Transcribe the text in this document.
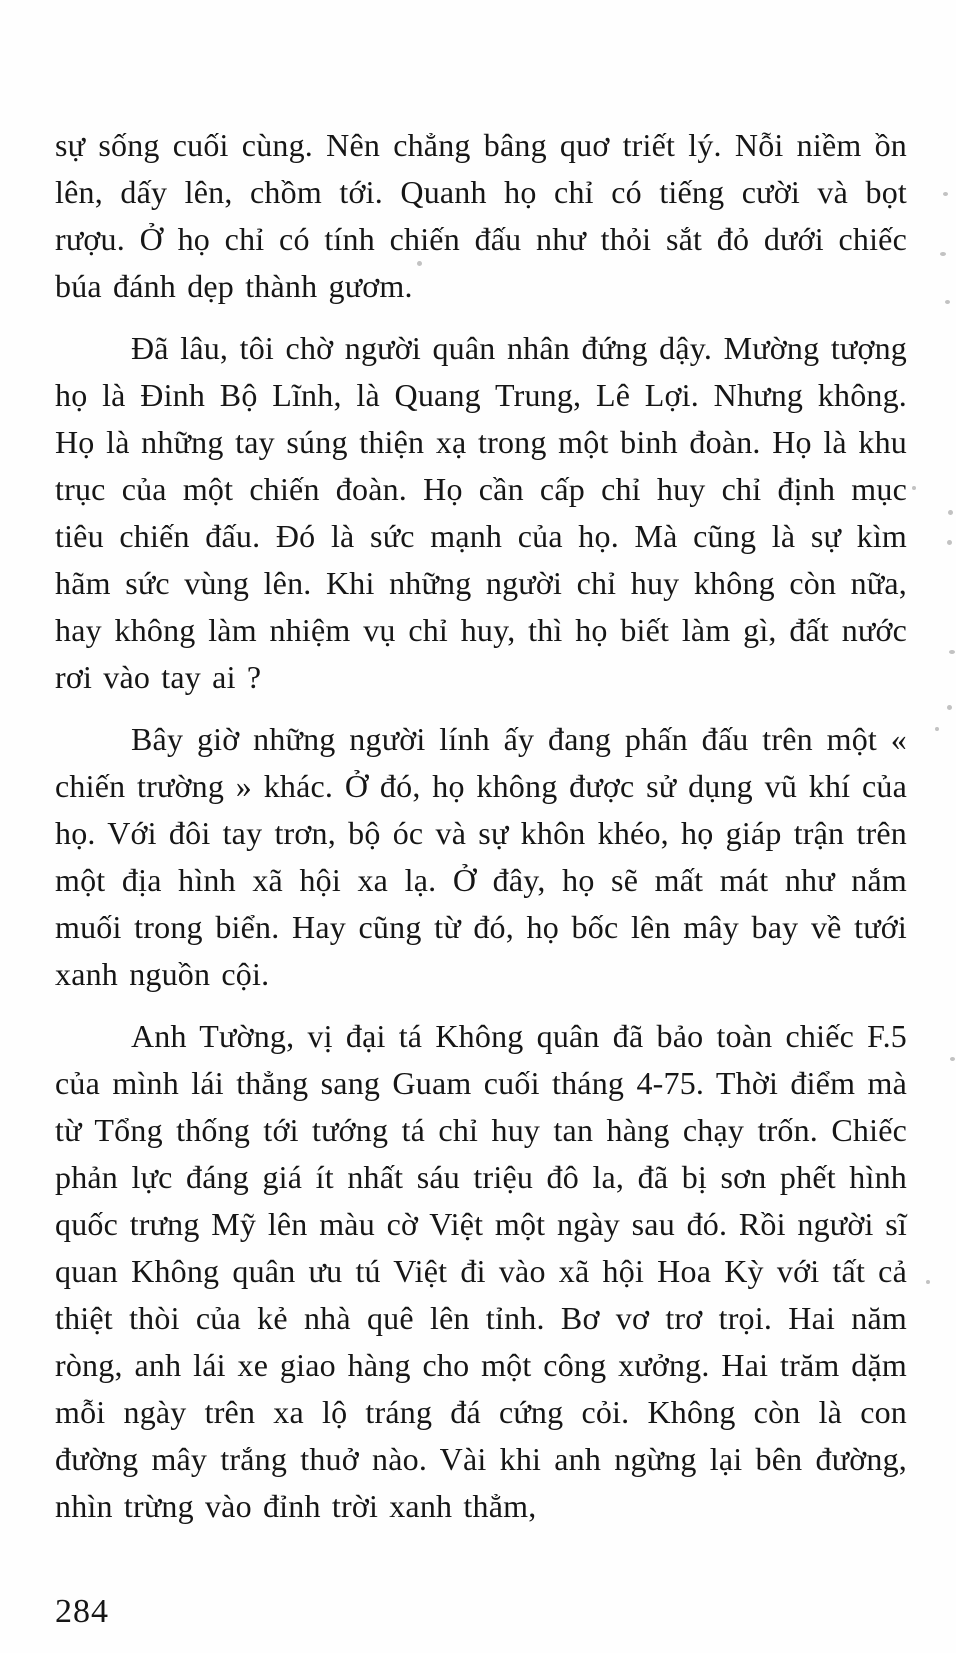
sự sống cuối cùng. Nên chẳng bâng quơ triết lý. Nỗi niềm ồn lên, dấy lên, chồm tới. Quanh họ chỉ có tiếng cười và bọt rượu. Ở họ chỉ có tính chiến đấu như thỏi sắt đỏ dưới chiếc búa đánh dẹp thành gươm.

Đã lâu, tôi chờ người quân nhân đứng dậy. Mường tượng họ là Đinh Bộ Lĩnh, là Quang Trung, Lê Lợi. Nhưng không. Họ là những tay súng thiện xạ trong một binh đoàn. Họ là khu trục của một chiến đoàn. Họ cần cấp chỉ huy chỉ định mục tiêu chiến đấu. Đó là sức mạnh của họ. Mà cũng là sự kìm hãm sức vùng lên. Khi những người chỉ huy không còn nữa, hay không làm nhiệm vụ chỉ huy, thì họ biết làm gì, đất nước rơi vào tay ai ?

Bây giờ những người lính ấy đang phấn đấu trên một « chiến trường » khác. Ở đó, họ không được sử dụng vũ khí của họ. Với đôi tay trơn, bộ óc và sự khôn khéo, họ giáp trận trên một địa hình xã hội xa lạ. Ở đây, họ sẽ mất mát như nắm muối trong biển. Hay cũng từ đó, họ bốc lên mây bay về tưới xanh nguồn cội.

Anh Tường, vị đại tá Không quân đã bảo toàn chiếc F.5 của mình lái thẳng sang Guam cuối tháng 4-75. Thời điểm mà từ Tổng thống tới tướng tá chỉ huy tan hàng chạy trốn. Chiếc phản lực đáng giá ít nhất sáu triệu đô la, đã bị sơn phết hình quốc trưng Mỹ lên màu cờ Việt một ngày sau đó. Rồi người sĩ quan Không quân ưu tú Việt đi vào xã hội Hoa Kỳ với tất cả thiệt thòi của kẻ nhà quê lên tỉnh. Bơ vơ trơ trọi. Hai năm ròng, anh lái xe giao hàng cho một công xưởng. Hai trăm dặm mỗi ngày trên xa lộ tráng đá cứng cỏi. Không còn là con đường mây trắng thuở nào. Vài khi anh ngừng lại bên đường, nhìn trừng vào đỉnh trời xanh thẳm,

284
